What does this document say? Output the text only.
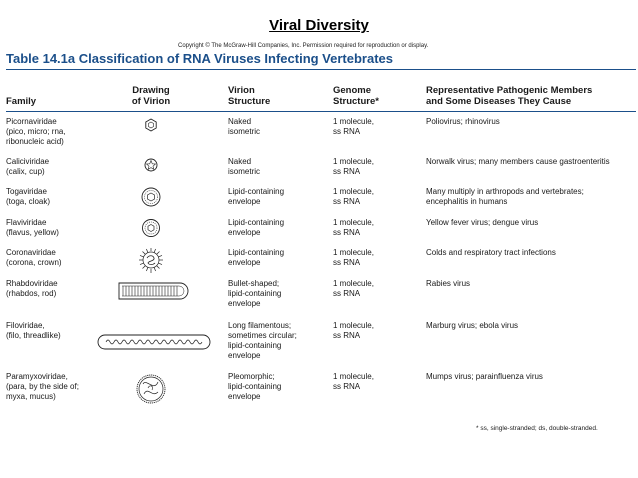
Viral Diversity
Copyright © The McGraw-Hill Companies, Inc. Permission required for reproduction or display.
Table 14.1a Classification of RNA Viruses Infecting Vertebrates
Family
Drawing
of Virion
Virion
Structure
Genome
Structure*
Representative Pathogenic Members
and Some Diseases They Cause
Picornaviridae
(pico, micro; rna,
ribonucleic acid)
Naked
isometric
1 molecule,
ss RNA
Poliovirus; rhinovirus
Caliciviridae
(calix, cup)
Naked
isometric
1 molecule,
ss RNA
Norwalk virus; many members cause gastroenteritis
Togaviridae
(toga, cloak)
Lipid-containing
envelope
1 molecule,
ss RNA
Many multiply in arthropods and vertebrates; encephalitis in humans
Flaviviridae
(flavus, yellow)
Lipid-containing
envelope
1 molecule,
ss RNA
Yellow fever virus; dengue virus
Coronaviridae
(corona, crown)
Lipid-containing
envelope
1 molecule,
ss RNA
Colds and respiratory tract infections
Rhabdoviridae
(rhabdos, rod)
Bullet-shaped;
lipid-containing
envelope
1 molecule,
ss RNA
Rabies virus
Filoviridae,
(filo, threadlike)
Long filamentous;
sometimes circular;
lipid-containing
envelope
1 molecule,
ss RNA
Marburg virus; ebola virus
Paramyxoviridae,
(para, by the side of;
myxa, mucus)
Pleomorphic;
lipid-containing
envelope
1 molecule,
ss RNA
Mumps virus; parainfluenza virus
* ss, single-stranded; ds, double-stranded.
